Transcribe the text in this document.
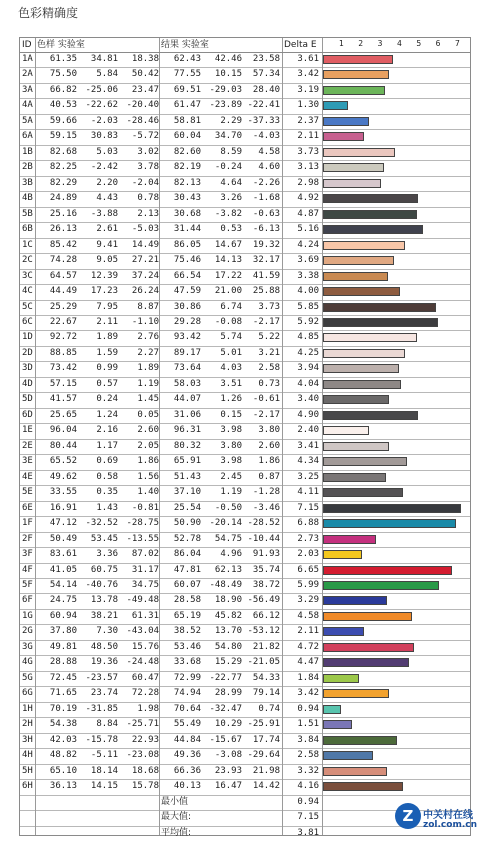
色彩精确度
ID 色样 实验室	结果 实验室	Delta E	1	2	3	4	5	6	7
1A	61.35	34.81	18.38	62.43	42.46	23.58	3.61
2A	75.50	5.84	50.42	77.55	10.15	57.34	3.42
3A	66.82 -25.06	23.47	69.51 -29.03	28.40	3.19
4A	40.53 -22.62 -20.40	61.47 -23.89 -22.41	1.30
5A	59.66	-2.03 -28.46	58.81	2.29 -37.33	2.37
6A	59.15	30.83	-5.72	60.04	34.70	-4.03	2.11
1B	82.68	5.03	3.02	82.60	8.59	4.58	3.73
2B	82.25	-2.42	3.78	82.19	-0.24	4.60	3.13
3B	82.29	2.20	-2.04	82.13	4.64	-2.26	2.98
4B	24.89	4.43	0.78	30.43	3.26	-1.68	4.92
5B	25.16	-3.88	2.13	30.68	-3.82	-0.63	4.87
6B	26.13	2.61	-5.03	31.44	0.53	-6.13	5.16
1C	85.42	9.41	14.49	86.05	14.67	19.32	4.24
2C	74.28	9.05	27.21	75.46	14.13	32.17	3.69
3C	64.57	12.39	37.24	66.54	17.22	41.59	3.38
4C	44.49	17.23	26.24	47.59	21.00	25.88	4.00
5C	25.29	7.95	8.87	30.86	6.74	3.73	5.85
6C	22.67	2.11	-1.10	29.28	-0.08	-2.17	5.92
1D	92.72	1.89	2.76	93.42	5.74	5.22	4.85
2D	88.85	1.59	2.27	89.17	5.01	3.21	4.25
3D	73.42	0.99	1.89	73.64	4.03	2.58	3.94
4D	57.15	0.57	1.19	58.03	3.51	0.73	4.04
5D	41.57	0.24	1.45	44.07	1.26	-0.61	3.40
6D	25.65	1.24	0.05	31.06	0.15	-2.17	4.90
1E	96.04	2.16	2.60	96.31	3.98	3.80	2.40
2E	80.44	1.17	2.05	80.32	3.80	2.60	3.41
3E	65.52	0.69	1.86	65.91	3.98	1.86	4.34
4E	49.62	0.58	1.56	51.43	2.45	0.87	3.25
5E	33.55	0.35	1.40	37.10	1.19	-1.28	4.11
6E	16.91	1.43	-0.81	25.54	-0.50	-3.46	7.15
1F	47.12 -32.52 -28.75	50.90 -20.14 -28.52	6.88
2F	50.49	53.45 -13.55	52.78	54.75 -10.44	2.73
3F	83.61	3.36	87.02	86.04	4.96	91.93	2.03
4F	41.05	60.75	31.17	47.81	62.13	35.74	6.65
5F	54.14 -40.76	34.75	60.07 -48.49	38.72	5.99
6F	24.75	13.78 -49.48	28.58	18.90 -56.49	3.29
1G	60.94	38.21	61.31	65.19	45.82	66.12	4.58
2G	37.80	7.30 -43.04	38.52	13.70 -53.12	2.11
3G	49.81	48.50	15.76	53.46	54.80	21.82	4.72
4G	28.88	19.36 -24.48	33.68	15.29 -21.05	4.47
5G	72.45 -23.57	60.47	72.99 -22.77	54.33	1.84
6G	71.65	23.74	72.28	74.94	28.99	79.14	3.42
1H	70.19 -31.85	1.98	70.64 -32.47	0.74	0.94
2H	54.38	8.84 -25.71	55.49	10.29 -25.91	1.51
3H	42.03 -15.78	22.93	44.84 -15.67	17.74	3.84
4H	48.82	-5.11 -23.08	49.36	-3.08 -29.64	2.58
5H	65.10	18.14	18.68	66.36	23.93	21.98	3.32
6H	36.13	14.15	15.78	40.13	16.47	14.42	4.16
最小值	0.94
最大值:	7.15
平均值:	3.81
Z 中关村在线
zol.com.cn
